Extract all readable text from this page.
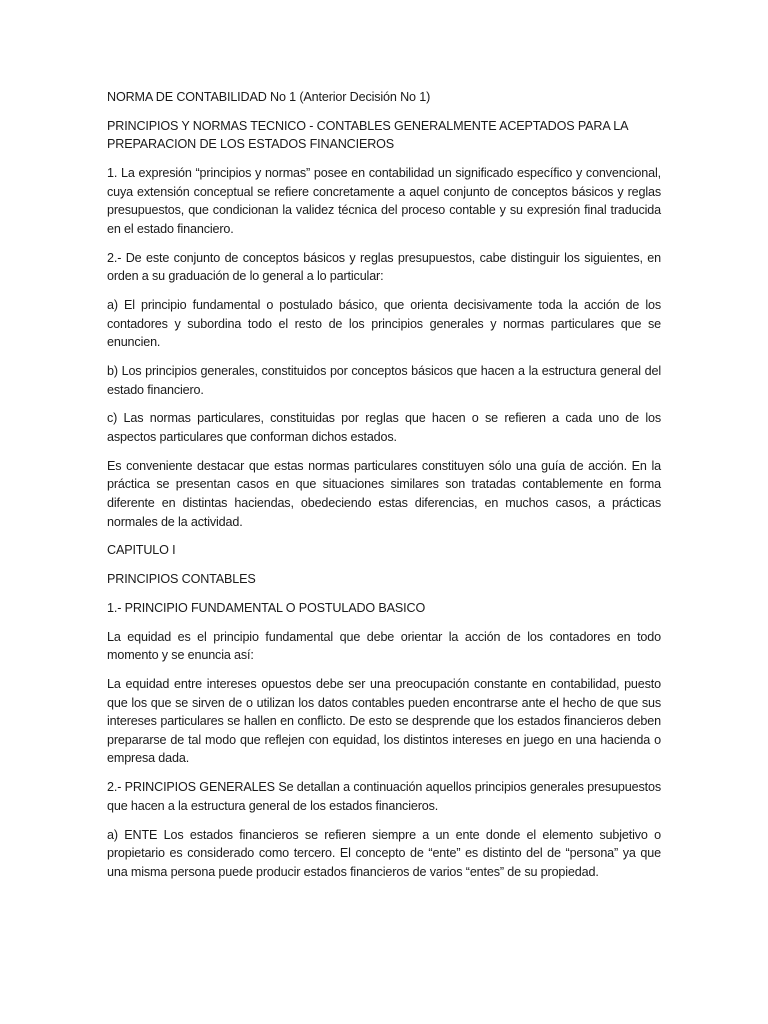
NORMA DE CONTABILIDAD No 1 (Anterior Decisión No 1)

PRINCIPIOS Y NORMAS TECNICO - CONTABLES GENERALMENTE ACEPTADOS PARA LA PREPARACION DE LOS ESTADOS FINANCIEROS

1. La expresión “principios y normas” posee en contabilidad un significado específico y convencional, cuya extensión conceptual se refiere concretamente a aquel conjunto de conceptos básicos y reglas presupuestos, que condicionan la validez técnica del proceso contable y su expresión final traducida en el estado financiero.

2.- De este conjunto de conceptos básicos y reglas presupuestos, cabe distinguir los siguientes, en orden a su graduación de lo general a lo particular:

a) El principio fundamental o postulado básico, que orienta decisivamente toda la acción de los contadores y subordina todo el resto de los principios generales y normas particulares que se enuncien.

b) Los principios generales, constituidos por conceptos básicos que hacen a la estructura general del estado financiero.

c) Las normas particulares, constituidas por reglas que hacen o se refieren a cada uno de los aspectos particulares que conforman dichos estados.

Es conveniente destacar que estas normas particulares constituyen sólo una guía de acción. En la práctica se presentan casos en que situaciones similares son tratadas contablemente en forma diferente en distintas haciendas, obedeciendo estas diferencias, en muchos casos, a prácticas normales de la actividad.

CAPITULO I

PRINCIPIOS CONTABLES

1.- PRINCIPIO FUNDAMENTAL O POSTULADO BASICO

La equidad es el principio fundamental que debe orientar la acción de los contadores en todo momento y se enuncia así:

La equidad entre intereses opuestos debe ser una preocupación constante en contabilidad, puesto que los que se sirven de o utilizan los datos contables pueden encontrarse ante el hecho de que sus intereses particulares se hallen en conflicto. De esto se desprende que los estados financieros deben prepararse de tal modo que reflejen con equidad, los distintos intereses en juego en una hacienda o empresa dada.

2.- PRINCIPIOS GENERALES Se detallan a continuación aquellos principios generales presupuestos que hacen a la estructura general de los estados financieros.

a) ENTE Los estados financieros se refieren siempre a un ente donde el elemento subjetivo o propietario es considerado como tercero. El concepto de “ente” es distinto del de “persona” ya que una misma persona puede producir estados financieros de varios “entes” de su propiedad.
